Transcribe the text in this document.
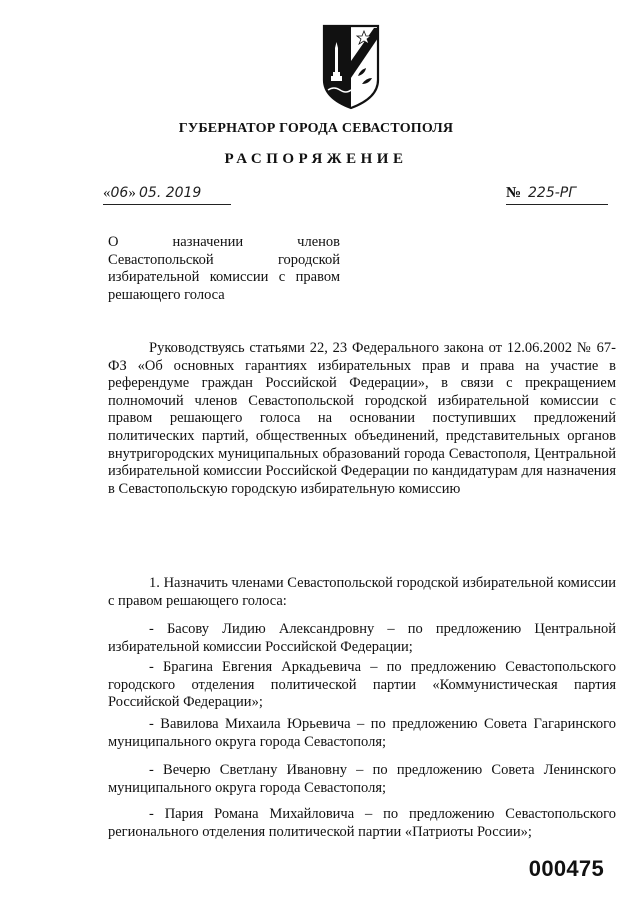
ГУБЕРНАТОР ГОРОДА СЕВАСТОПОЛЯ
РАСПОРЯЖЕНИЕ
«06» 05. 2019	№ 225-РГ
О назначении членов Севастопольской городской избирательной комиссии с правом решающего голоса
Руководствуясь статьями 22, 23 Федерального закона от 12.06.2002 № 67-ФЗ «Об основных гарантиях избирательных прав и права на участие в референдуме граждан Российской Федерации», в связи с прекращением полномочий членов Севастопольской городской избирательной комиссии с правом решающего голоса на основании поступивших предложений политических партий, общественных объединений, представительных органов внутригородских муниципальных образований города Севастополя, Центральной избирательной комиссии Российской Федерации по кандидатурам для назначения в Севастопольскую городскую избирательную комиссию
1. Назначить членами Севастопольской городской избирательной комиссии с правом решающего голоса:
- Басову Лидию Александровну – по предложению Центральной избирательной комиссии Российской Федерации;
- Брагина Евгения Аркадьевича – по предложению Севастопольского городского отделения политической партии «Коммунистическая партия Российской Федерации»;
- Вавилова Михаила Юрьевича – по предложению Совета Гагаринского муниципального округа города Севастополя;
- Вечерю Светлану Ивановну – по предложению Совета Ленинского муниципального округа города Севастополя;
- Пария Романа Михайловича – по предложению Севастопольского регионального отделения политической партии «Патриоты России»;
000475
